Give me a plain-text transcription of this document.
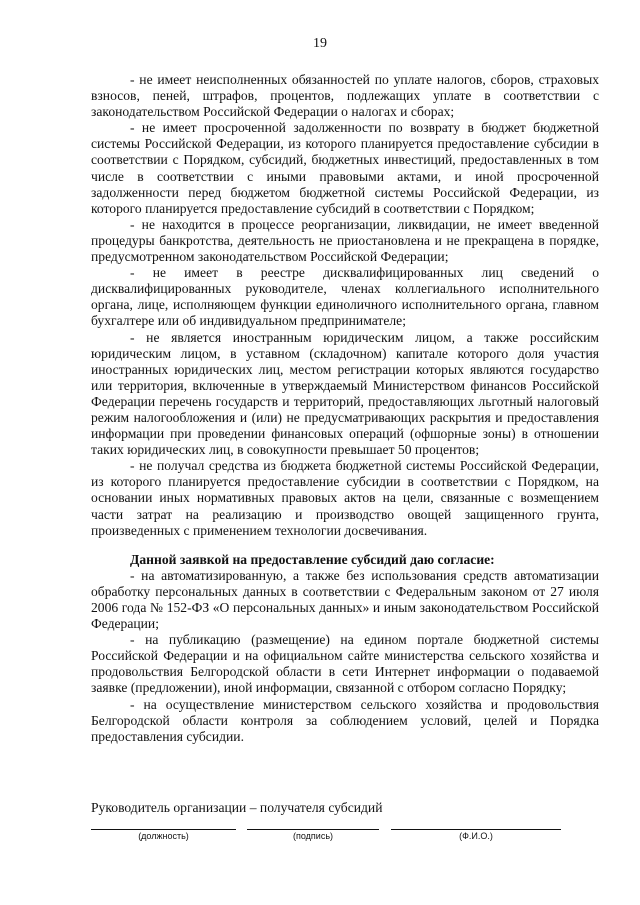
19

- не имеет неисполненных обязанностей по уплате налогов, сборов, страховых взносов, пеней, штрафов, процентов, подлежащих уплате в соответствии с законодательством Российской Федерации о налогах и сборах;

- не имеет просроченной задолженности по возврату в бюджет бюджетной системы Российской Федерации, из которого планируется предоставление субсидии в соответствии с Порядком, субсидий, бюджетных инвестиций, предоставленных в том числе в соответствии с иными правовыми актами, и иной просроченной задолженности перед бюджетом бюджетной системы Российской Федерации, из которого планируется предоставление субсидий в соответствии с Порядком;

- не находится в процессе реорганизации, ликвидации, не имеет введенной процедуры банкротства, деятельность не приостановлена и не прекращена в порядке, предусмотренном законодательством Российской Федерации;

- не имеет в реестре дисквалифицированных лиц сведений о дисквалифицированных руководителе, членах коллегиального исполнительного органа, лице, исполняющем функции единоличного исполнительного органа, главном бухгалтере или об индивидуальном предпринимателе;

- не является иностранным юридическим лицом, а также российским юридическим лицом, в уставном (складочном) капитале которого доля участия иностранных юридических лиц, местом регистрации которых являются государство или территория, включенные в утверждаемый Министерством финансов Российской Федерации перечень государств и территорий, предоставляющих льготный налоговый режим налогообложения и (или) не предусматривающих раскрытия и предоставления информации при проведении финансовых операций (офшорные зоны) в отношении таких юридических лиц, в совокупности превышает 50 процентов;

- не получал средства из бюджета бюджетной системы Российской Федерации, из которого планируется предоставление субсидии в соответствии с Порядком, на основании иных нормативных правовых актов на цели, связанные с возмещением части затрат на реализацию и производство овощей защищенного грунта, произведенных с применением технологии досвечивания.

Данной заявкой на предоставление субсидий даю согласие:

- на автоматизированную, а также без использования средств автоматизации обработку персональных данных в соответствии с Федеральным законом от 27 июля 2006 года № 152-ФЗ «О персональных данных» и иным законодательством Российской Федерации;

- на публикацию (размещение) на едином портале бюджетной системы Российской Федерации и на официальном сайте министерства сельского хозяйства и продовольствия Белгородской области в сети Интернет информации о подаваемой заявке (предложении), иной информации, связанной с отбором согласно Порядку;

- на осуществление министерством сельского хозяйства и продовольствия Белгородской области контроля за соблюдением условий, целей и Порядка предоставления субсидии.

Руководитель организации – получателя субсидий
(должность)	(подпись)	(Ф.И.О.)
